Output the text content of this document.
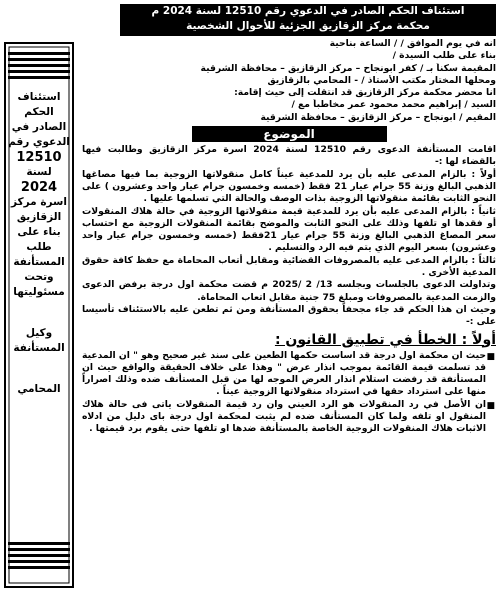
استئناف الحكم الصادر في الدعوي رقم 12510 لسنة 2024 م
محكمة مركز الزقازيق الجزئية للأحوال الشخصية
استئناف
الحكم
الصادر في
الدعوي رقم
12510
لسنة
2024
اسرة مركز
الزقازيق
بناء على
طلب
المستأنفة
وتحت
مسئوليتها
وكيل
المستأنفة
المحامي
انه في يوم الموافق / / الساعة بناحية
بناء على طلب السيدة /
المقيمة سكناً بـ / كفر ابونجاح – مركز الزقازيق – محافظة الشرقية
ومحلها المختار مكتب الأستاذ / - المحامي بالزقازيق
انا محضر محكمة مركز الزقازيق قد انتقلت إلى حيث إقامة:
السيد / إبراهيم محمد محمود عمر مخاطباً مع /
المقيم / ابونجاح – مركز الزقازيق – محافظة الشرقية
الموضوع

اقامت المستأنفة الدعوى رقم 12510 لسنة 2024 اسرة مركز الزقازيق وطالبت فيها بالقضاء لها :-

أولاً : بالزام المدعى عليه بأن يرد للمدعية عيناً كامل منقولاتها الزوجية بما فيها مصاغها الذهبي البالغ وزنة 55 جرام عيار 21 فقط (خمسه وخمسون جرام عيار واحد وعشرون ) على النحو الثابت بقائمة منقولاتها الزوجية بذات الوصف والحالة التي تسلمها عليها .

ثانياً : بالزام المدعى عليه بأن يرد للمدعية قيمة منقولاتها الزوجية في حالة هلاك المنقولات أو فقدها او تلفها وذلك على النحو الثابت والموضح بقائمة المنقولات الزوجية مع احتساب سعر المصاغ الذهبي البالغ وزنة 55 جرام عيار 21فقط (خمسه وخمسون جرام عيار واحد وعشرون) بسعر اليوم الذي يتم فيه الرد والتسليم .

ثالثاً : بالزام المدعى عليه بالمصروفات القضائية ومقابل أتعاب المحاماة مع حفظ كافة حقوق المدعية الأخرى .

وتداولت الدعوى بالجلسات وبجلسه 13/ 2 /2025 م قضت محكمة اول درجة برفض الدعوى والزمت المدعية بالمصروفات ومبلغ 75 جنية مقابل اتعاب المحاماة.

وحيث ان هذا الحكم قد جاء مجحفاً بحقوق المستأنفة ومن ثم تطعن عليه بالاستئناف تأسيسا على :-

أولاً : الخطأ في تطبيق القانون :
■
حيث ان محكمة اول درجة قد اساست حكمها الطعين على سند غير صحيح وهو " ان المدعية قد تسلمت قيمة القائمة بموجب انذار عرض " وهذا على خلاف الحقيقة والواقع حيث ان المستأنفة قد رفضت استلام انذار العرض الموجه لها من قبل المستأنف ضده وذلك اصراراً منها على استرداد حقها في استرداد منقولاتها الزوجية عيناً .
■
ان الأصل في رد المنقولات هو الرد العيني وان رد قيمة المنقولات ياتى فى حالة هلاك المنقول او تلفه ولما كان المستأنف ضده لم يثبت لمحكمة اول درجة باى دليل من ادلاه الاثبات هلاك المنقولات الزوجية الخاصة بالمستأنفة ضدها او تلفها حتى يقوم برد قيمتها .
